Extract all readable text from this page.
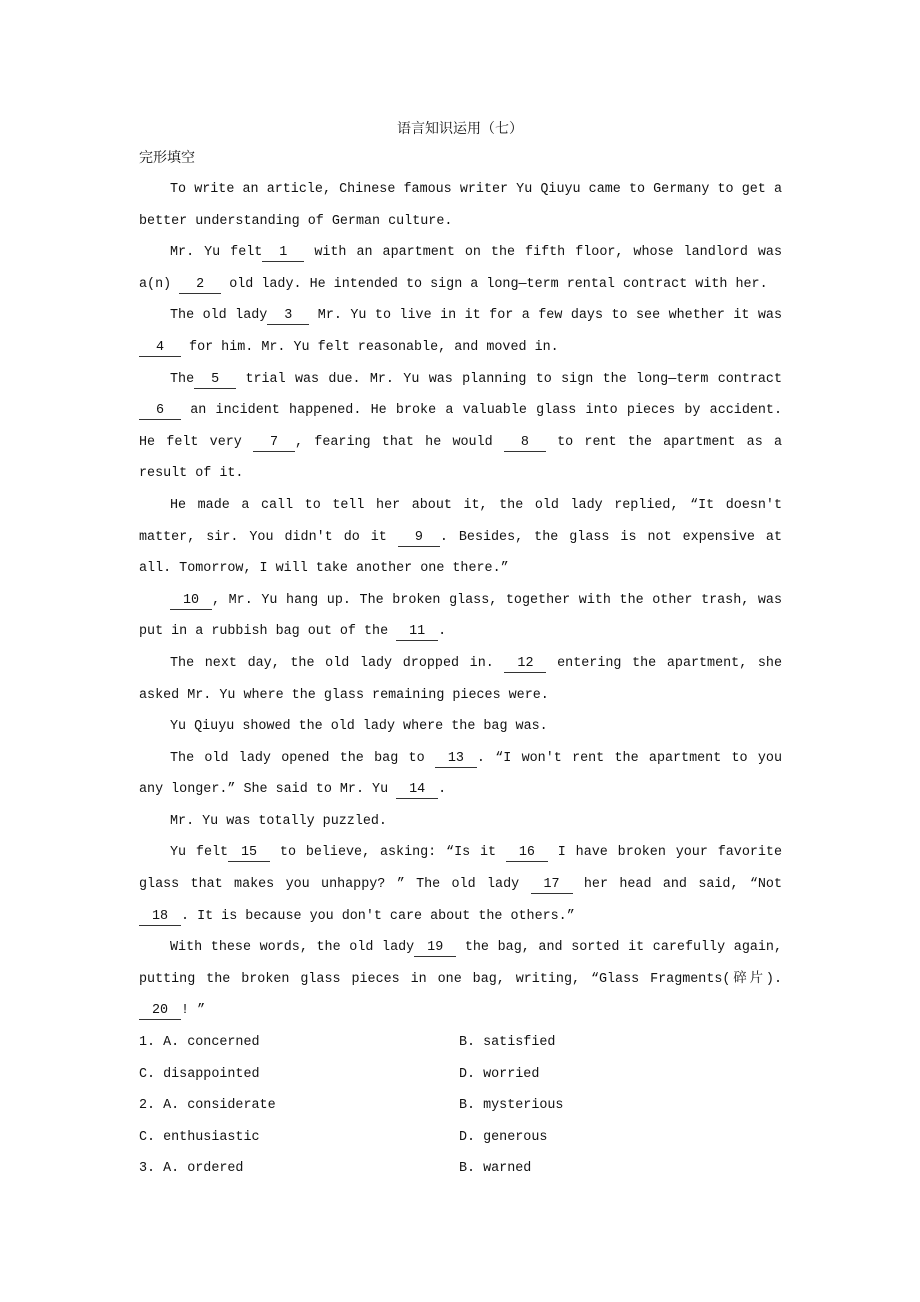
语言知识运用（七）
完形填空

To write an article, Chinese famous writer Yu Qiuyu came to Germany to get a better understanding of German culture.

Mr. Yu felt 1 with an apartment on the fifth floor, whose landlord was a(n) 2 old lady. He intended to sign a long—term rental contract with her.

The old lady 3 Mr. Yu to live in it for a few days to see whether it was 4 for him. Mr. Yu felt reasonable, and moved in.

The 5 trial was due. Mr. Yu was planning to sign the long—term contract 6 an incident happened. He broke a valuable glass into pieces by accident. He felt very 7 , fearing that he would 8 to rent the apartment as a result of it.

He made a call to tell her about it, the old lady replied, “It doesn't matter, sir. You didn't do it 9 . Besides, the glass is not expensive at all. Tomorrow, I will take another one there.”

10 , Mr. Yu hang up. The broken glass, together with the other trash, was put in a rubbish bag out of the 11 .

The next day, the old lady dropped in. 12 entering the apartment, she asked Mr. Yu where the glass remaining pieces were.

Yu Qiuyu showed the old lady where the bag was.

The old lady opened the bag to 13 . “I won't rent the apartment to you any longer.” She said to Mr. Yu 14 .

Mr. Yu was totally puzzled.

Yu felt 15 to believe, asking: “Is it 16 I have broken your favorite glass that makes you unhappy? ” The old lady 17 her head and said, “Not 18 . It is because you don't care about the others.”

With these words, the old lady 19 the bag, and sorted it carefully again, putting the broken glass pieces in one bag, writing, “Glass Fragments(碎片). 20 ! ”

1. A. concerned	B. satisfied
C. disappointed	D. worried
2. A. considerate	B. mysterious
C. enthusiastic	D. generous
3. A. ordered	B. warned
